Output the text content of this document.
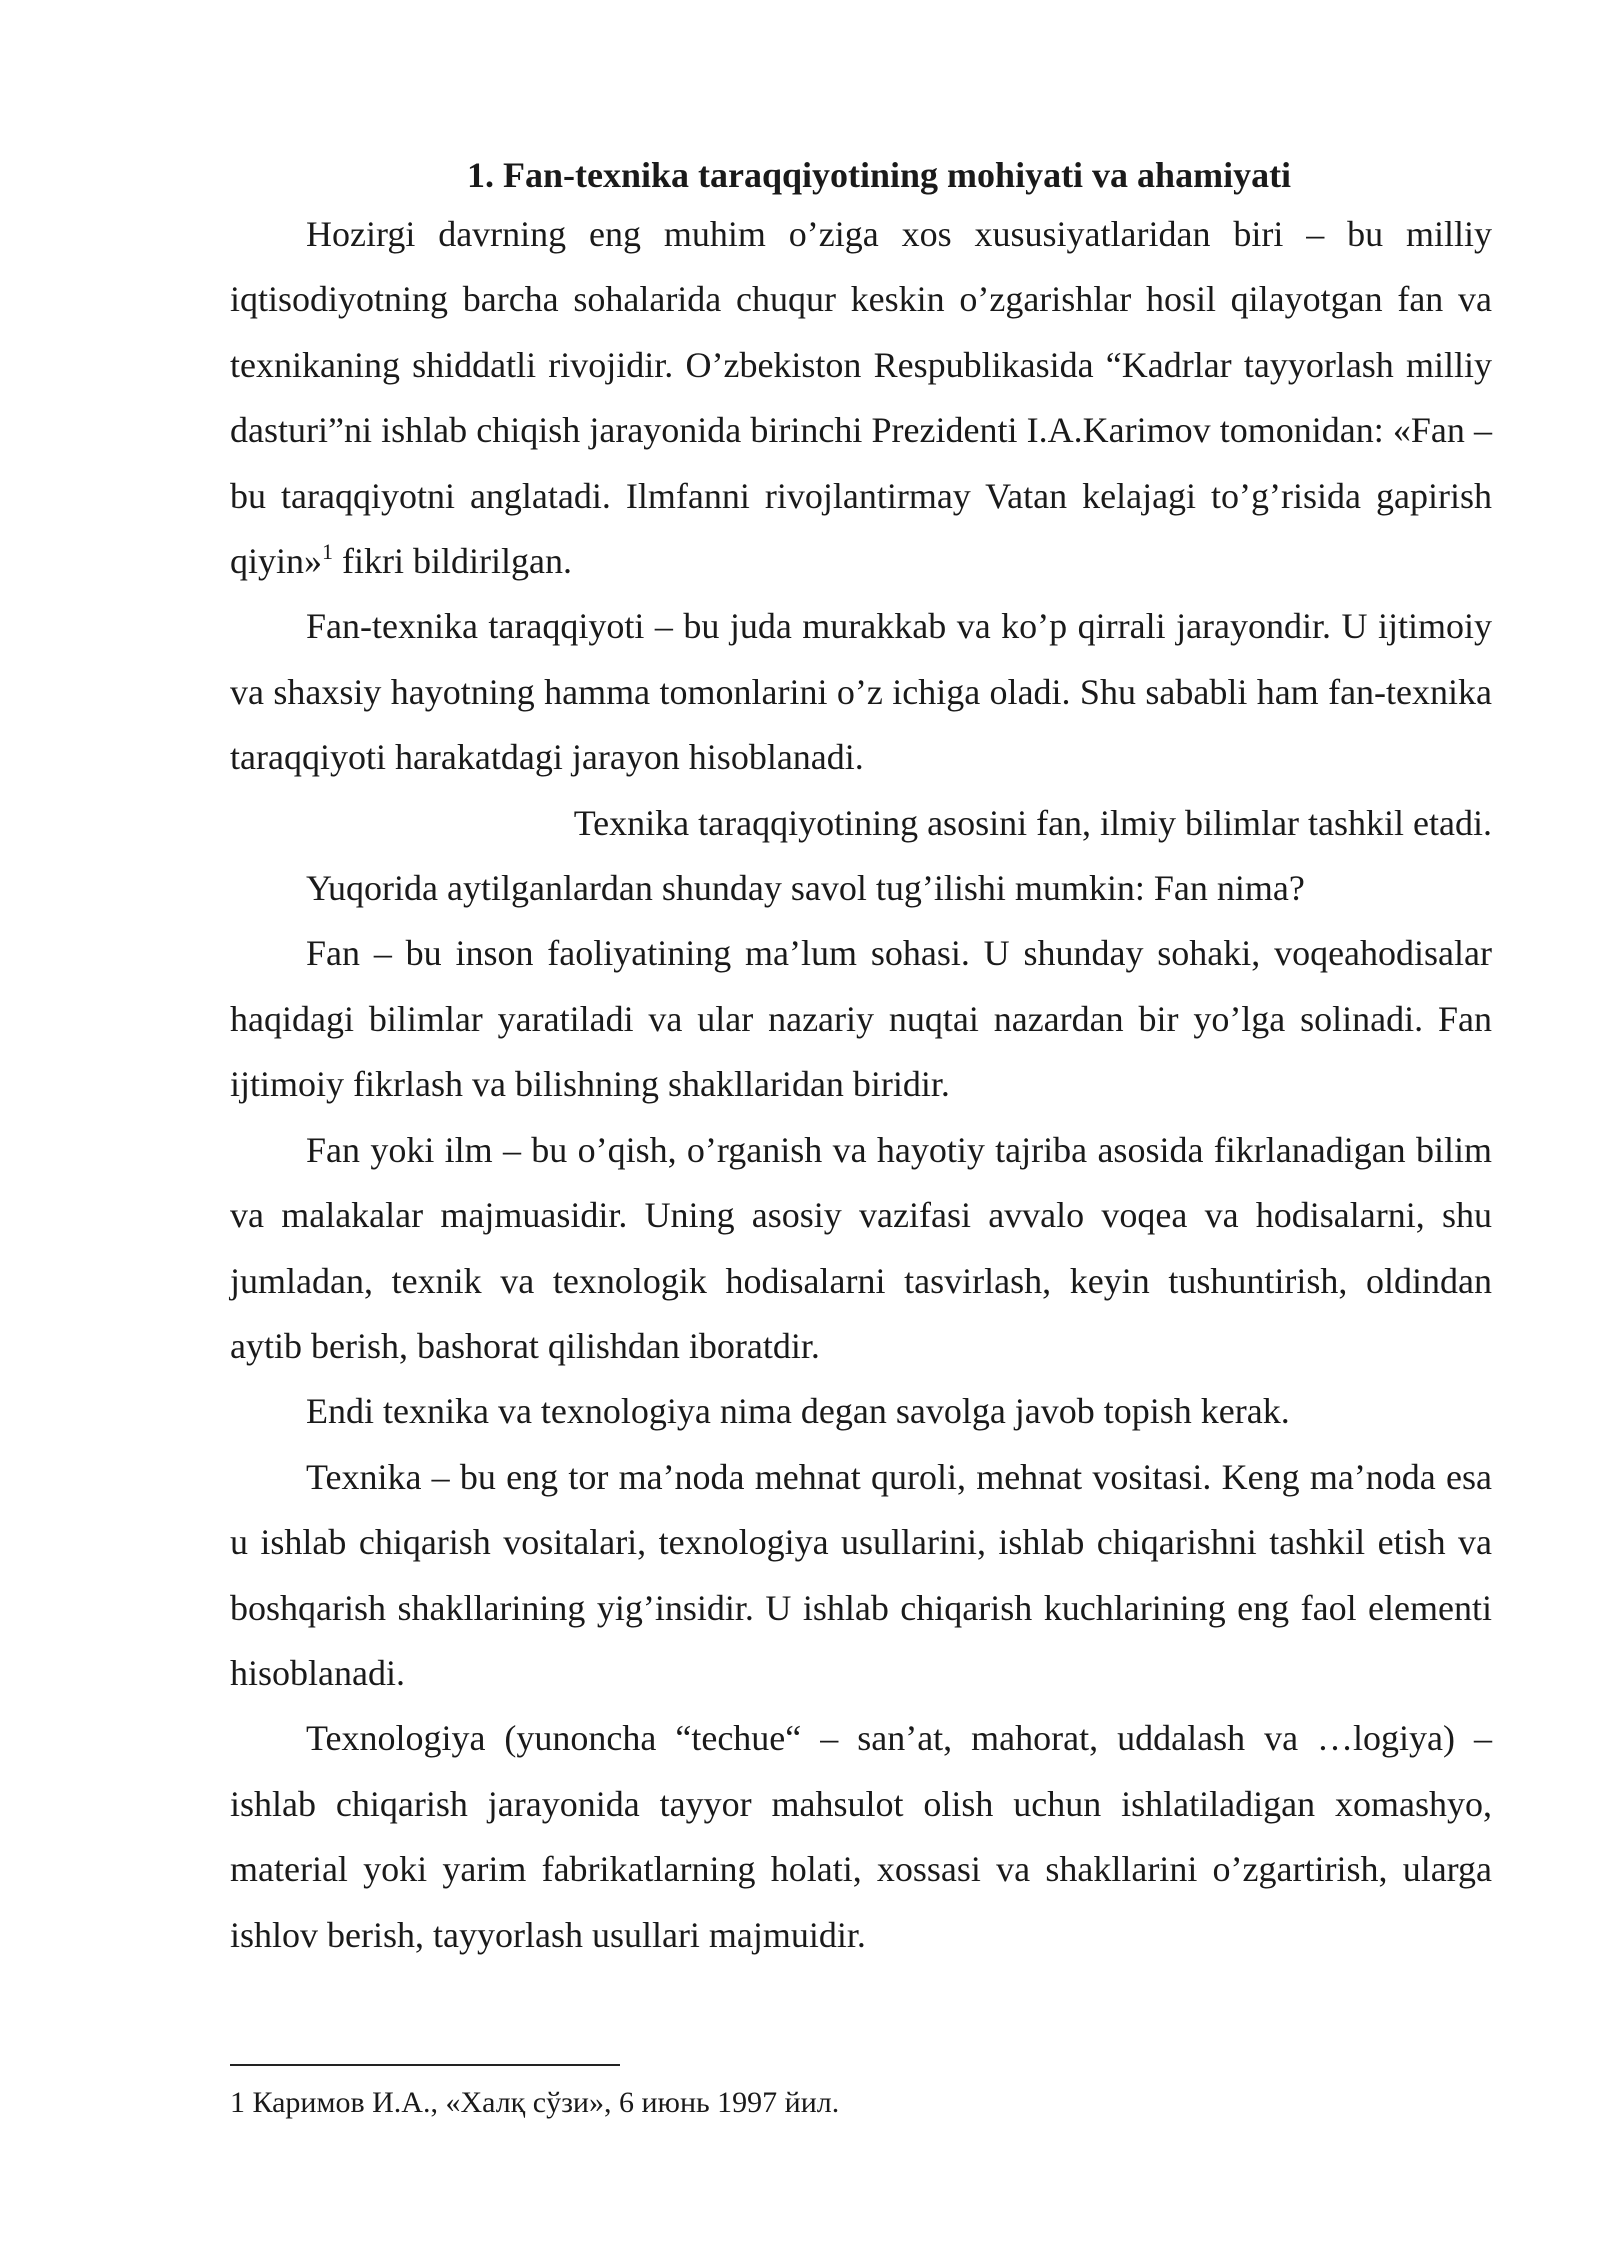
1. Fan-texnika taraqqiyotining mohiyati va ahamiyati

Hozirgi davrning eng muhim o’ziga xos xususiyatlaridan biri – bu milliy iqtisodiyotning barcha sohalarida chuqur keskin o’zgarishlar hosil qilayotgan fan va texnikaning shiddatli rivojidir. O’zbekiston Respublikasida “Kadrlar tayyorlash milliy dasturi”ni ishlab chiqish jarayonida birinchi Prezidenti I.A.Karimov tomonidan: «Fan – bu taraqqiyotni anglatadi. Ilmfanni rivojlantirmay Vatan kelajagi to’g’risida gapirish qiyin»$^1$ fikri bildirilgan.

Fan-texnika taraqqiyoti – bu juda murakkab va ko’p qirrali jarayondir. U ijtimoiy va shaxsiy hayotning hamma tomonlarini o’z ichiga oladi. Shu sababli ham fan-texnika taraqqiyoti harakatdagi jarayon hisoblanadi.

Texnika taraqqiyotining asosini fan, ilmiy bilimlar tashkil etadi.

Yuqorida aytilganlardan shunday savol tug’ilishi mumkin: Fan nima?

Fan – bu inson faoliyatining ma’lum sohasi. U shunday sohaki, voqeahodisalar haqidagi bilimlar yaratiladi va ular nazariy nuqtai nazardan bir yo’lga solinadi. Fan ijtimoiy fikrlash va bilishning shakllaridan biridir.

Fan yoki ilm – bu o’qish, o’rganish va hayotiy tajriba asosida fikrlanadigan bilim va malakalar majmuasidir. Uning asosiy vazifasi avvalo voqea va hodisalarni, shu jumladan, texnik va texnologik hodisalarni tasvirlash, keyin tushuntirish, oldindan aytib berish, bashorat qilishdan iboratdir.

Endi texnika va texnologiya nima degan savolga javob topish kerak.

Texnika – bu eng tor ma’noda mehnat quroli, mehnat vositasi. Keng ma’noda esa u ishlab chiqarish vositalari, texnologiya usullarini, ishlab chiqarishni tashkil etish va boshqarish shakllarining yig’insidir. U ishlab chiqarish kuchlarining eng faol elementi hisoblanadi.

Texnologiya (yunoncha “techue“ – san’at, mahorat, uddalash va …logiya) – ishlab chiqarish jarayonida tayyor mahsulot olish uchun ishlatiladigan xomashyo, material yoki yarim fabrikatlarning holati, xossasi va shakllarini o’zgartirish, ularga ishlov berish, tayyorlash usullari majmuidir.

1 Каримов И.А., «Халқ сўзи», 6 июнь 1997 йил.
